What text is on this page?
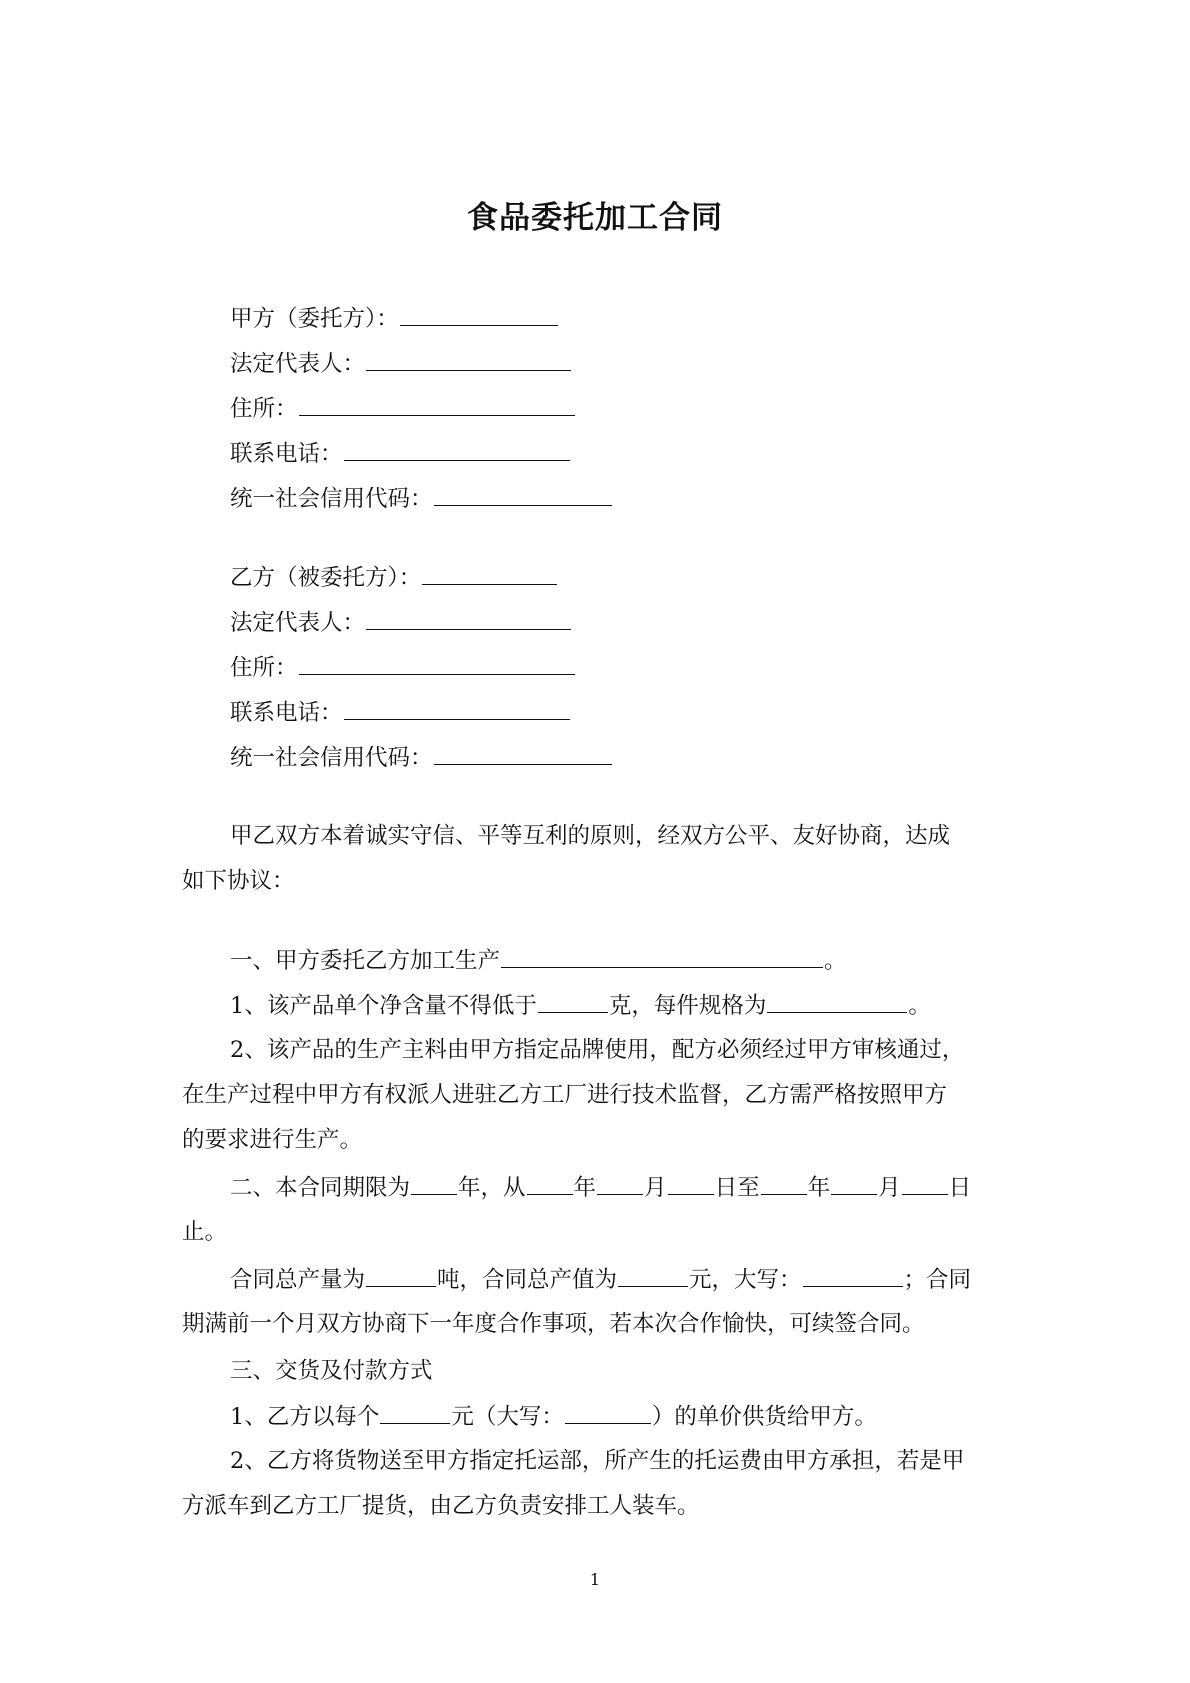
食品委托加工合同
甲方（委托方）：
法定代表人：
住所：
联系电话：
统一社会信用代码：
乙方（被委托方）：
法定代表人：
住所：
联系电话：
统一社会信用代码：
甲乙双方本着诚实守信、平等互利的原则，经双方公平、友好协商，达成
如下协议：
一、甲方委托乙方加工生产	。
1、该产品单个净含量不得低于	克，每件规格为	。
2、该产品的生产主料由甲方指定品牌使用，配方必须经过甲方审核通过，
在生产过程中甲方有权派人进驻乙方工厂进行技术监督，乙方需严格按照甲方
的要求进行生产。
二、本合同期限为 年，从 年 月 日至 年 月 日
止。
合同总产量为	吨，合同总产值为	元，大写：	；合同
期满前一个月双方协商下一年度合作事项，若本次合作愉快，可续签合同。
三、交货及付款方式
1、乙方以每个	元（大写：	）的单价供货给甲方。
2、乙方将货物送至甲方指定托运部，所产生的托运费由甲方承担，若是甲
方派车到乙方工厂提货，由乙方负责安排工人装车。
1
